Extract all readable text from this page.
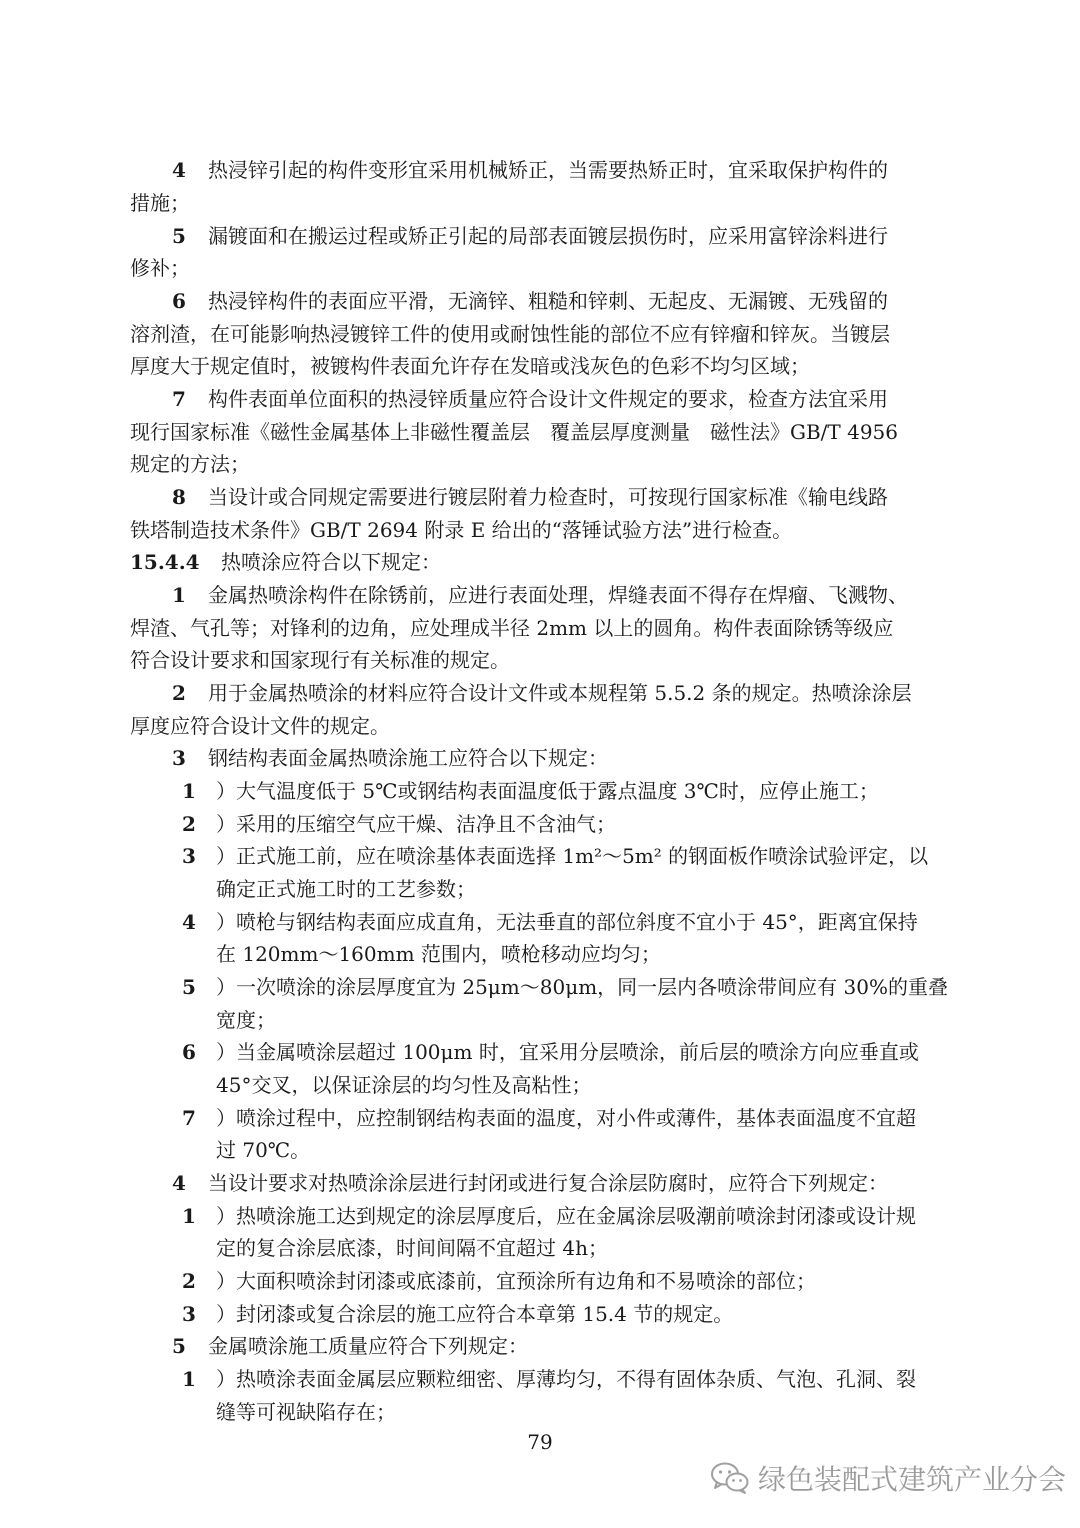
4 热浸锌引起的构件变形宜采用机械矫正，当需要热矫正时，宜采取保护构件的
措施；
5 漏镀面和在搬运过程或矫正引起的局部表面镀层损伤时，应采用富锌涂料进行
修补；
6 热浸锌构件的表面应平滑，无滴锌、粗糙和锌刺、无起皮、无漏镀、无残留的
溶剂渣，在可能影响热浸镀锌工件的使用或耐蚀性能的部位不应有锌瘤和锌灰。当镀层
厚度大于规定值时，被镀构件表面允许存在发暗或浅灰色的色彩不均匀区域；
7 构件表面单位面积的热浸锌质量应符合设计文件规定的要求，检查方法宜采用
现行国家标准《磁性金属基体上非磁性覆盖层　覆盖层厚度测量　磁性法》GB/T 4956
规定的方法；
8 当设计或合同规定需要进行镀层附着力检查时，可按现行国家标准《输电线路
铁塔制造技术条件》GB/T 2694 附录 E 给出的“落锤试验方法”进行检查。
15.4.4 热喷涂应符合以下规定：
1 金属热喷涂构件在除锈前，应进行表面处理，焊缝表面不得存在焊瘤、飞溅物、
焊渣、气孔等；对锋利的边角，应处理成半径 2mm 以上的圆角。构件表面除锈等级应
符合设计要求和国家现行有关标准的规定。
2 用于金属热喷涂的材料应符合设计文件或本规程第 5.5.2 条的规定。热喷涂涂层
厚度应符合设计文件的规定。
3 钢结构表面金属热喷涂施工应符合以下规定：
1 ）大气温度低于 5℃或钢结构表面温度低于露点温度 3℃时，应停止施工；
2 ）采用的压缩空气应干燥、洁净且不含油气；
3 ）正式施工前，应在喷涂基体表面选择 1m²～5m² 的钢面板作喷涂试验评定，以
确定正式施工时的工艺参数；
4 ）喷枪与钢结构表面应成直角，无法垂直的部位斜度不宜小于 45°，距离宜保持
在 120mm～160mm 范围内，喷枪移动应均匀；
5 ）一次喷涂的涂层厚度宜为 25μm～80μm，同一层内各喷涂带间应有 30%的重叠
宽度；
6 ）当金属喷涂层超过 100μm 时，宜采用分层喷涂，前后层的喷涂方向应垂直或
45°交叉，以保证涂层的均匀性及高粘性；
7 ）喷涂过程中，应控制钢结构表面的温度，对小件或薄件，基体表面温度不宜超
过 70℃。
4 当设计要求对热喷涂涂层进行封闭或进行复合涂层防腐时，应符合下列规定：
1 ）热喷涂施工达到规定的涂层厚度后，应在金属涂层吸潮前喷涂封闭漆或设计规
定的复合涂层底漆，时间间隔不宜超过 4h；
2 ）大面积喷涂封闭漆或底漆前，宜预涂所有边角和不易喷涂的部位；
3 ）封闭漆或复合涂层的施工应符合本章第 15.4 节的规定。
5 金属喷涂施工质量应符合下列规定：
1 ）热喷涂表面金属层应颗粒细密、厚薄均匀，不得有固体杂质、气泡、孔洞、裂
缝等可视缺陷存在；
79
绿色装配式建筑产业分会
